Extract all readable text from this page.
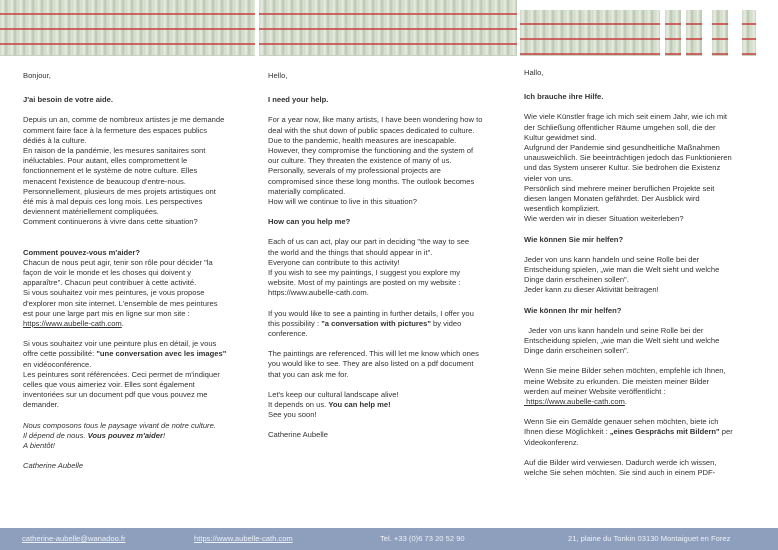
Bonjour,

J'ai besoin de votre aide.

Depuis un an, comme de nombreux artistes je me demande

comment faire face à la fermeture des espaces publics

dédiés à la culture.

En raison de la pandémie, les mesures sanitaires sont

inéluctables. Pour autant, elles compromettent le

fonctionnement et le système de notre culture. Elles

menacent l'existence de beaucoup d'entre-nous.

Personnellement, plusieurs de mes projets artistiques ont

été mis à mal depuis ces long mois. Les perspectives

deviennent matériellement compliquées.

Comment continuerons à vivre dans cette situation?

Comment pouvez-vous m'aider?

Chacun de nous peut agir, tenir son rôle pour décider "la

façon de voir le monde et les choses qui doivent y

apparaître". Chacun peut contribuer à cette activité.

Si vous souhaitez voir mes peintures, je vous propose

d'explorer mon site internet. L'ensemble de mes peintures

est pour une large part mis en ligne sur mon site :

https://www.aubelle-cath.com.

Si vous souhaitez voir une peinture plus en détail, je vous

offre cette possibilité: "une conversation avec les images"

en vidéoconférence.

Les peintures sont référencées. Ceci permet de m'indiquer

celles que vous aimeriez voir. Elles sont également

inventoriées sur un document pdf que vous pouvez me

demander.

Nous composons tous le paysage vivant de notre culture.

Il dépend de nous. Vous pouvez m'aider!

A bientôt!

Catherine Aubelle

Hello,

I need your help.

For a year now, like many artists, I have been wondering how to

deal with the shut down of public spaces dedicated to culture.

Due to the pandemic, health measures are inescapable.

However, they compromise the functioning and the system of

our culture. They threaten the existence of many of us.

Personally, severals of my professional projects are

compromised since these long months. The outlook becomes

materially complicated.

How will we continue to live in this situation?

How can you help me?

Each of us can act, play our part in deciding "the way to see

the world and the things that should appear in it".

Everyone can contribute to this activity!

If you wish to see my paintings, I suggest you explore my

website. Most of my paintings are posted on my website :

https://www.aubelle-cath.com.

If you would like to see a painting in further details, I offer you

this possibility : "a conversation with pictures" by video

conference.

The paintings are referenced. This will let me know which ones

you would like to see. They are also listed on a pdf document

that you can ask me for.

Let's keep our cultural landscape alive!

It depends on us. You can help me!

See you soon!

Catherine Aubelle

Hallo,

Ich brauche ihre Hilfe.

Wie viele Künstler frage ich mich seit einem Jahr, wie ich mit

der Schließung öffentlicher Räume umgehen soll, die der

Kultur gewidmet sind.

Aufgrund der Pandemie sind gesundheitliche Maßnahmen

unausweichlich. Sie beeinträchtigen jedoch das Funktionieren

und das System unserer Kultur. Sie bedrohen die Existenz

vieler von uns.

Persönlich sind mehrere meiner beruflichen Projekte seit

diesen langen Monaten gefährdet. Der Ausblick wird

wesentlich kompliziert.

Wie werden wir in dieser Situation weiterleben?

Wie können Sie mir helfen?

Jeder von uns kann handeln und seine Rolle bei der

Entscheidung spielen, „wie man die Welt sieht und welche

Dinge darin erscheinen sollen".

Jeder kann zu dieser Aktivität beitragen!

Wie können Ihr mir helfen?

Jeder von uns kann handeln und seine Rolle bei der

Entscheidung spielen, „wie man die Welt sieht und welche

Dinge darin erscheinen sollen".

Wenn Sie meine Bilder sehen möchten, empfehle ich Ihnen,

meine Website zu erkunden. Die meisten meiner Bilder

werden auf meiner Website veröffentlicht :

https://www.aubelle-cath.com.

Wenn Sie ein Gemälde genauer sehen möchten, biete ich

Ihnen diese Möglichkeit : „eines Gesprächs mit Bildern" per

Videokonferenz.

Auf die Bilder wird verwiesen. Dadurch werde ich wissen,

welche Sie sehen möchten. Sie sind auch in einem PDF-

catherine-aubelle@wanadoo.fr	https://www.aubelle-cath.com	Tel. +33 (0)6 73 20 52 90	21, plaine du Tonkin 03130 Montaiguet en Forez
